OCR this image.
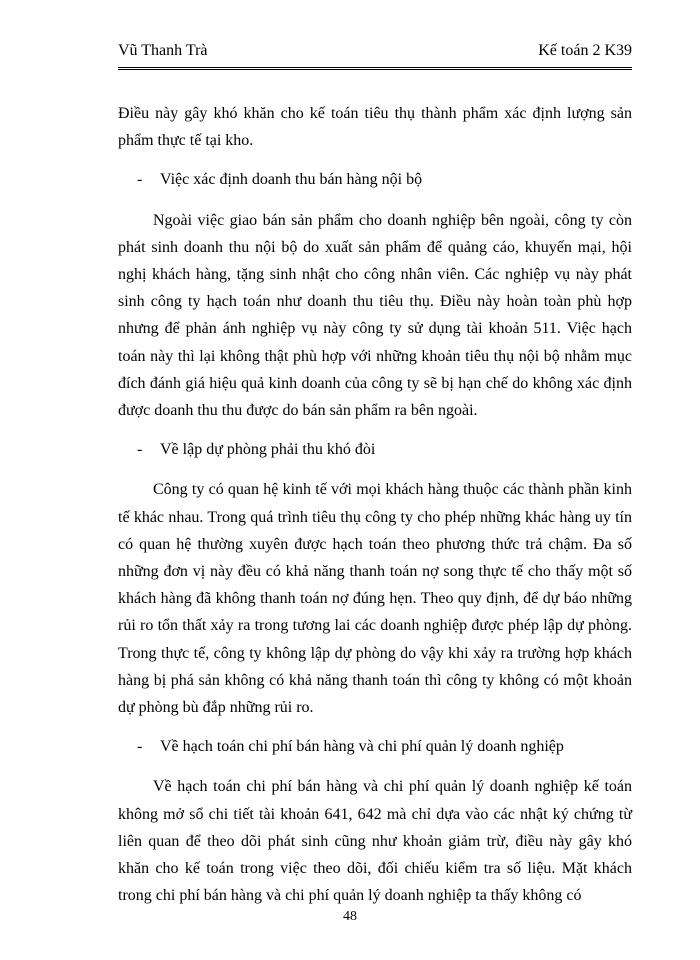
Vũ Thanh Trà	Kế toán 2 K39

Điều này gây khó khăn cho kế toán tiêu thụ thành phẩm xác định lượng sản phẩm thực tế tại kho.

-	Việc xác định doanh thu bán hàng nội bộ

Ngoài việc giao bán sản phẩm cho doanh nghiệp bên ngoài, công ty còn phát sinh doanh thu nội bộ do xuất sản phẩm để quảng cáo, khuyến mại, hội nghị khách hàng, tặng sinh nhật cho công nhân viên. Các nghiệp vụ này phát sinh công ty hạch toán như doanh thu tiêu thụ. Điều này hoàn toàn phù hợp nhưng để phản ánh nghiệp vụ này công ty sử dụng tài khoản 511. Việc hạch toán này thì lại không thật phù hợp với những khoản tiêu thụ nội bộ nhằm mục đích đánh giá hiệu quả kinh doanh của công ty sẽ bị hạn chế do không xác định được doanh thu thu được do bán sản phẩm ra bên ngoài.

-	Về lập dự phòng phải thu khó đòi

Công ty có quan hệ kinh tế với mọi khách hàng thuộc các thành phần kinh tế khác nhau. Trong quá trình tiêu thụ công ty cho phép những khác hàng uy tín có quan hệ thường xuyên được hạch toán theo phương thức trả chậm. Đa số những đơn vị này đều có khả năng thanh toán nợ song thực tế cho thấy một số khách hàng đã không thanh toán nợ đúng hẹn. Theo quy định, để dự báo những rủi ro tổn thất xảy ra trong tương lai các doanh nghiệp được phép lập dự phòng. Trong thực tế, công ty không lập dự phòng do vậy khi xảy ra trường hợp khách hàng bị phá sản không có khả năng thanh toán thì công ty không có một khoản dự phòng bù đắp những rủi ro.

-	Về hạch toán chi phí bán hàng và chi phí quản lý doanh nghiệp

Về hạch toán chi phí bán hàng và chi phí quản lý doanh nghiệp kế toán không mở sổ chi tiết tài khoản 641, 642 mà chỉ dựa vào các nhật ký chứng từ liên quan để theo dõi phát sinh cũng như khoản giảm trừ, điều này gây khó khăn cho kế toán trong việc theo dõi, đối chiếu kiểm tra số liệu. Mặt khách trong chi phí bán hàng và chi phí quản lý doanh nghiệp ta thấy không có

48
